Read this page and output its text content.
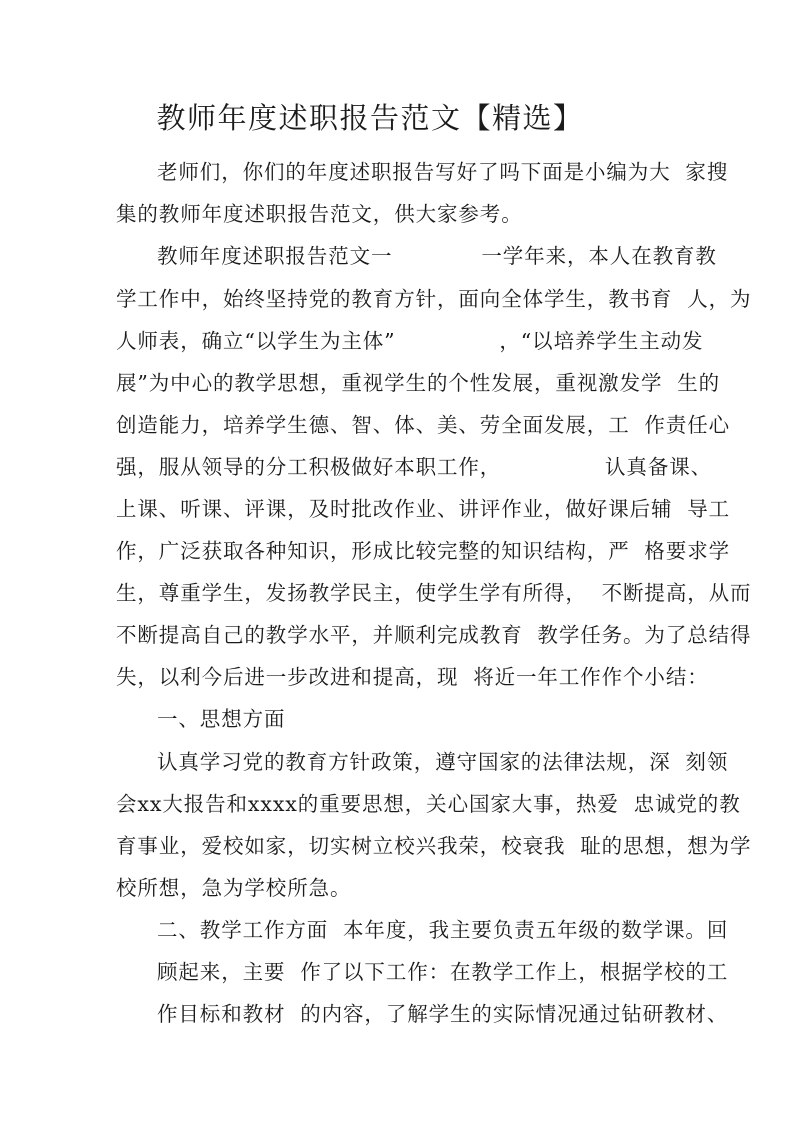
教师年度述职报告范文【精选】
老师们，你们的年度述职报告写好了吗下面是小编为大  家搜
集的教师年度述职报告范文，供大家参考。
教师年度述职报告范文一            一学年来，本人在教育教
学工作中，始终坚持党的教育方针，面向全体学生，教书育  人，为
人师表，确立“以学生为主体”              ，“以培养学生主动发
展”为中心的教学思想，重视学生的个性发展，重视激发学  生的
创造能力，培养学生德、智、体、美、劳全面发展，工  作责任心
强，服从领导的分工积极做好本职工作，              认真备课、
上课、听课、评课，及时批改作业、讲评作业，做好课后辅  导工
作，广泛获取各种知识，形成比较完整的知识结构，严  格要求学
生，尊重学生，发扬教学民主，使学生学有所得，  不断提高，从而
不断提高自己的教学水平，并顺利完成教育  教学任务。为了总结得
失，以利今后进一步改进和提高，现  将近一年工作作个小结：
一、思想方面
认真学习党的教育方针政策，遵守国家的法律法规，深  刻领
会xx大报告和xxxx的重要思想，关心国家大事，热爱  忠诚党的教
育事业，爱校如家，切实树立校兴我荣，校衰我  耻的思想，想为学
校所想，急为学校所急。
二、教学工作方面  本年度，我主要负责五年级的数学课。回
顾起来，主要  作了以下工作：在教学工作上，根据学校的工
作目标和教材  的内容，了解学生的实际情况通过钻研教材、
